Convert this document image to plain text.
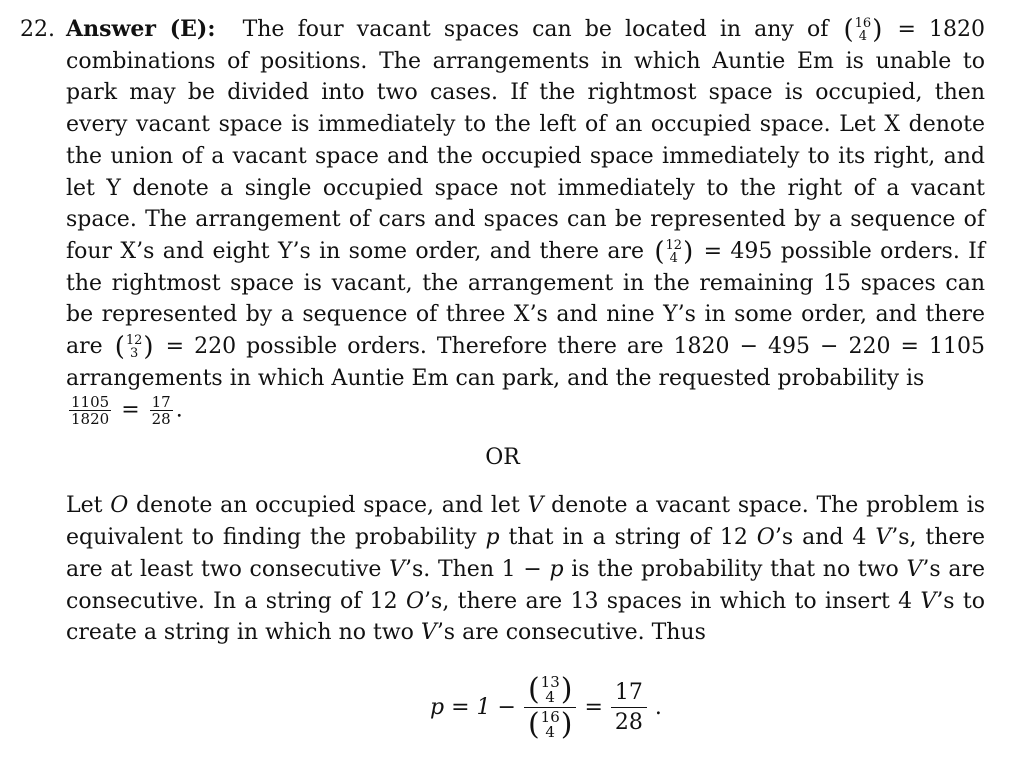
22. Answer (E): The four vacant spaces can be located in any of ( 16
4 ) = 1820 combinations of positions. The arrangements in which Auntie Em is unable to park may be divided into two cases. If the rightmost space is occupied, then every vacant space is immediately to the left of an occupied space. Let X denote the union of a vacant space and the occupied space immediately to its right, and let Y denote a single occupied space not immediately to the right of a vacant space. The arrangement of cars and spaces can be represented by a sequence of four X’s and eight Y’s in some order, and there are ( 12
4 ) = 495 possible orders. If the rightmost space is vacant, the arrangement in the remaining 15 spaces can be represented by a sequence of three X’s and nine Y’s in some order, and there are ( 12
3 ) = 220 possible orders. Therefore there are 1820 − 495 − 220 = 1105 arrangements in which Auntie Em can park, and the requested probability is

$\frac{1105}{1820} = \frac{17}{28}$ .
OR
Let O denote an occupied space, and let V denote a vacant space. The problem is equivalent to finding the probability p that in a string of 12 O’s and 4 V’s, there are at least two consecutive V’s. Then 1 − p is the probability that no two V’s are consecutive. In a string of 12 O’s, there are 13 spaces in which to insert 4 V’s to create a string in which no two V’s are consecutive. Thus
p = 1 − ( 13
4 )
( 16
4 ) = $\frac{17}{28}$ .
